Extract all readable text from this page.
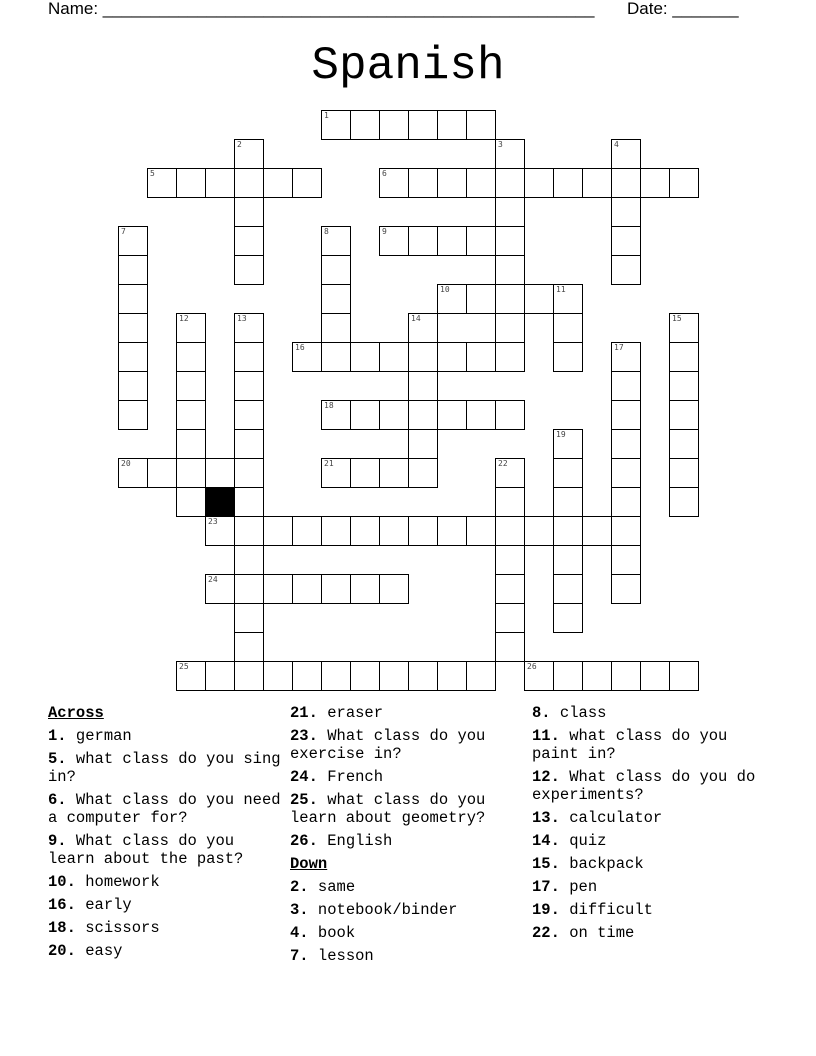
Name: ____________________________________________________ Date: _______
Spanish
1
5	6
9
10	11
16
18
20	21
23
24
25	26
2	3	4
7	8
12	13	14	15
17
19
22
Across
1. german
5. what class do you sing in?
6. What class do you need a computer for?
9. What class do you learn about the past?
10. homework
16. early
18. scissors
20. easy
21. eraser
23. What class do you exercise in?
24. French
25. what class do you learn about geometry?
26. English
Down
2. same
3. notebook/binder
4. book
7. lesson
8. class
11. what class do you paint in?
12. What class do you do experiments?
13. calculator
14. quiz
15. backpack
17. pen
19. difficult
22. on time
